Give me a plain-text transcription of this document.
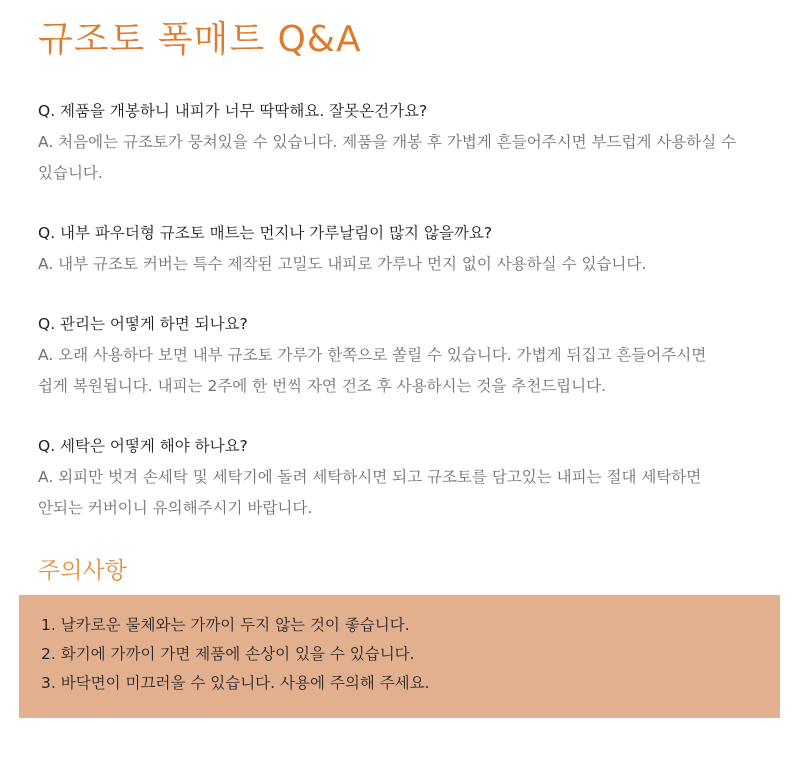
규조토 폭매트 Q&A
Q. 제품을 개봉하니 내피가 너무 딱딱해요. 잘못온건가요?
A. 처음에는 규조토가 뭉쳐있을 수 있습니다. 제품을 개봉 후 가볍게 흔들어주시면 부드럽게 사용하실 수
있습니다.
Q. 내부 파우더형 규조토 매트는 먼지나 가루날림이 많지 않을까요?
A. 내부 규조토 커버는 특수 제작된 고밀도 내피로 가루나 먼지 없이 사용하실 수 있습니다.
Q. 관리는 어떻게 하면 되나요?
A. 오래 사용하다 보면 내부 규조토 가루가 한쪽으로 쏠릴 수 있습니다. 가볍게 뒤집고 흔들어주시면
쉽게 복원됩니다. 내피는 2주에 한 번씩 자연 건조 후 사용하시는 것을 추천드립니다.
Q. 세탁은 어떻게 해야 하나요?
A. 외피만 벗겨 손세탁 및 세탁기에 돌려 세탁하시면 되고 규조토를 담고있는 내피는 절대 세탁하면
안되는 커버이니 유의해주시기 바랍니다.
주의사항
1. 날카로운 물체와는 가까이 두지 않는 것이 좋습니다.
2. 화기에 가까이 가면 제품에 손상이 있을 수 있습니다.
3. 바닥면이 미끄러울 수 있습니다. 사용에 주의해 주세요.
